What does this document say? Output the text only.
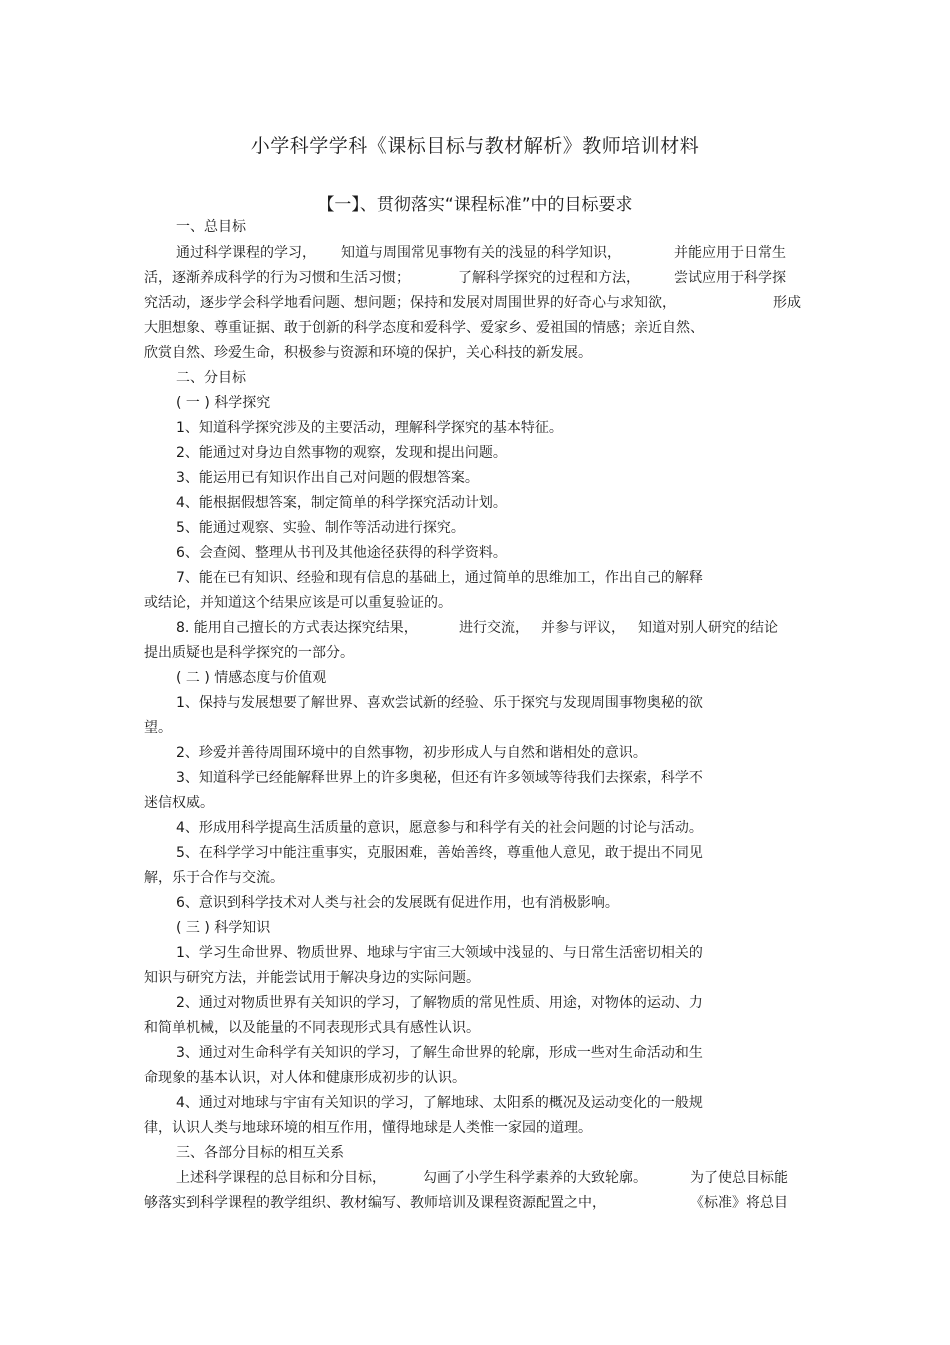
小学科学学科《课标目标与教材解析》教师培训材料
【一】、贯彻落实“课程标准”中的目标要求
一、总目标
通过科学课程的学习， 知道与周围常见事物有关的浅显的科学知识，	并能应用于日常生
活，逐渐养成科学的行为习惯和生活习惯；	了解科学探究的过程和方法， 尝试应用于科学探
究活动，逐步学会科学地看问题、想问题；保持和发展对周围世界的好奇心与求知欲，	形成
大胆想象、尊重证据、敢于创新的科学态度和爱科学、爱家乡、爱祖国的情感；亲近自然、
欣赏自然、珍爱生命，积极参与资源和环境的保护，关心科技的新发展。
二、分目标
( 一 ) 科学探究
1、知道科学探究涉及的主要活动，理解科学探究的基本特征。
2、能通过对身边自然事物的观察，发现和提出问题。
3、能运用已有知识作出自己对问题的假想答案。
4、能根据假想答案，制定简单的科学探究活动计划。
5、能通过观察、实验、制作等活动进行探究。
6、会查阅、整理从书刊及其他途径获得的科学资料。
7、能在已有知识、经验和现有信息的基础上，通过简单的思维加工，作出自己的解释
或结论，并知道这个结果应该是可以重复验证的。
8. 能用自己擅长的方式表达探究结果，	进行交流， 并参与评议， 知道对别人研究的结论
提出质疑也是科学探究的一部分。
( 二 ) 情感态度与价值观
1、保持与发展想要了解世界、喜欢尝试新的经验、乐于探究与发现周围事物奥秘的欲
望。
2、珍爱并善待周围环境中的自然事物，初步形成人与自然和谐相处的意识。
3、知道科学已经能解释世界上的许多奥秘，但还有许多领域等待我们去探索，科学不
迷信权威。
4、形成用科学提高生活质量的意识，愿意参与和科学有关的社会问题的讨论与活动。
5、在科学学习中能注重事实，克服困难，善始善终，尊重他人意见，敢于提出不同见
解，乐于合作与交流。
6、意识到科学技术对人类与社会的发展既有促进作用，也有消极影响。
( 三 ) 科学知识
1、学习生命世界、物质世界、地球与宇宙三大领域中浅显的、与日常生活密切相关的
知识与研究方法，并能尝试用于解决身边的实际问题。
2、通过对物质世界有关知识的学习，了解物质的常见性质、用途，对物体的运动、力
和简单机械，以及能量的不同表现形式具有感性认识。
3、通过对生命科学有关知识的学习，了解生命世界的轮廓，形成一些对生命活动和生
命现象的基本认识，对人体和健康形成初步的认识。
4、通过对地球与宇宙有关知识的学习，了解地球、太阳系的概况及运动变化的一般规
律，认识人类与地球环境的相互作用，懂得地球是人类惟一家园的道理。
三、各部分目标的相互关系
上述科学课程的总目标和分目标，	勾画了小学生科学素养的大致轮廓。	为了使总目标能
够落实到科学课程的教学组织、教材编写、教师培训及课程资源配置之中，	《标准》将总目
